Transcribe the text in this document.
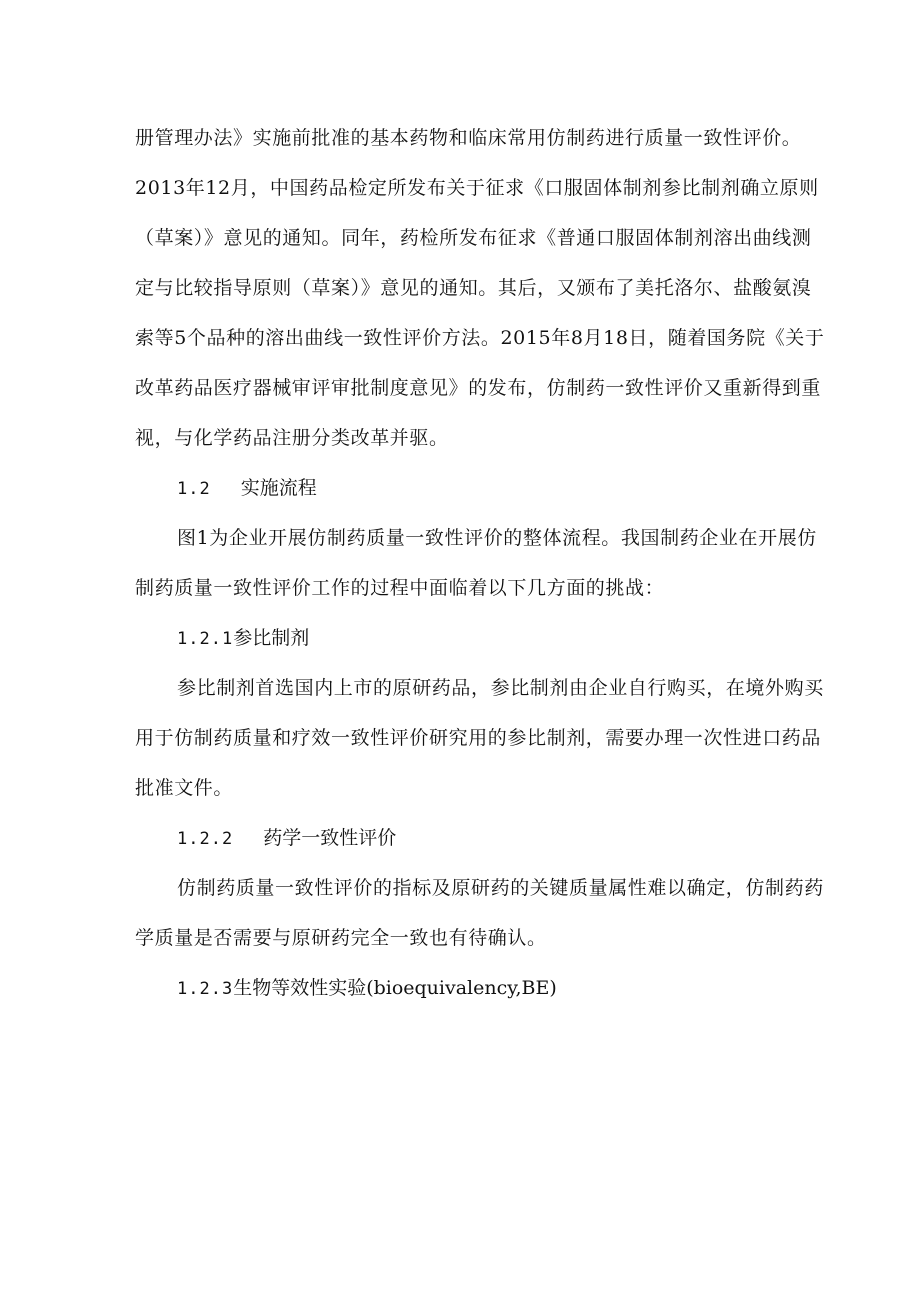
册管理办法》实施前批准的基本药物和临床常用仿制药进行质量一致性评价。
2013年12月，中国药品检定所发布关于征求《口服固体制剂参比制剂确立原则
（草案）》意见的通知。同年，药检所发布征求《普通口服固体制剂溶出曲线测
定与比较指导原则（草案）》意见的通知。其后，又颁布了美托洛尔、盐酸氨溴
索等5个品种的溶出曲线一致性评价方法。2015年8月18日，随着国务院《关于
改革药品医疗器械审评审批制度意见》的发布，仿制药一致性评价又重新得到重
视，与化学药品注册分类改革并驱。
1.2 实施流程
图1为企业开展仿制药质量一致性评价的整体流程。我国制药企业在开展仿
制药质量一致性评价工作的过程中面临着以下几方面的挑战：
1.2.1参比制剂
参比制剂首选国内上市的原研药品，参比制剂由企业自行购买，在境外购买
用于仿制药质量和疗效一致性评价研究用的参比制剂，需要办理一次性进口药品
批准文件。
1.2.2 药学一致性评价
仿制药质量一致性评价的指标及原研药的关键质量属性难以确定，仿制药药
学质量是否需要与原研药完全一致也有待确认。
1.2.3生物等效性实验(bioequivalency,BE)
